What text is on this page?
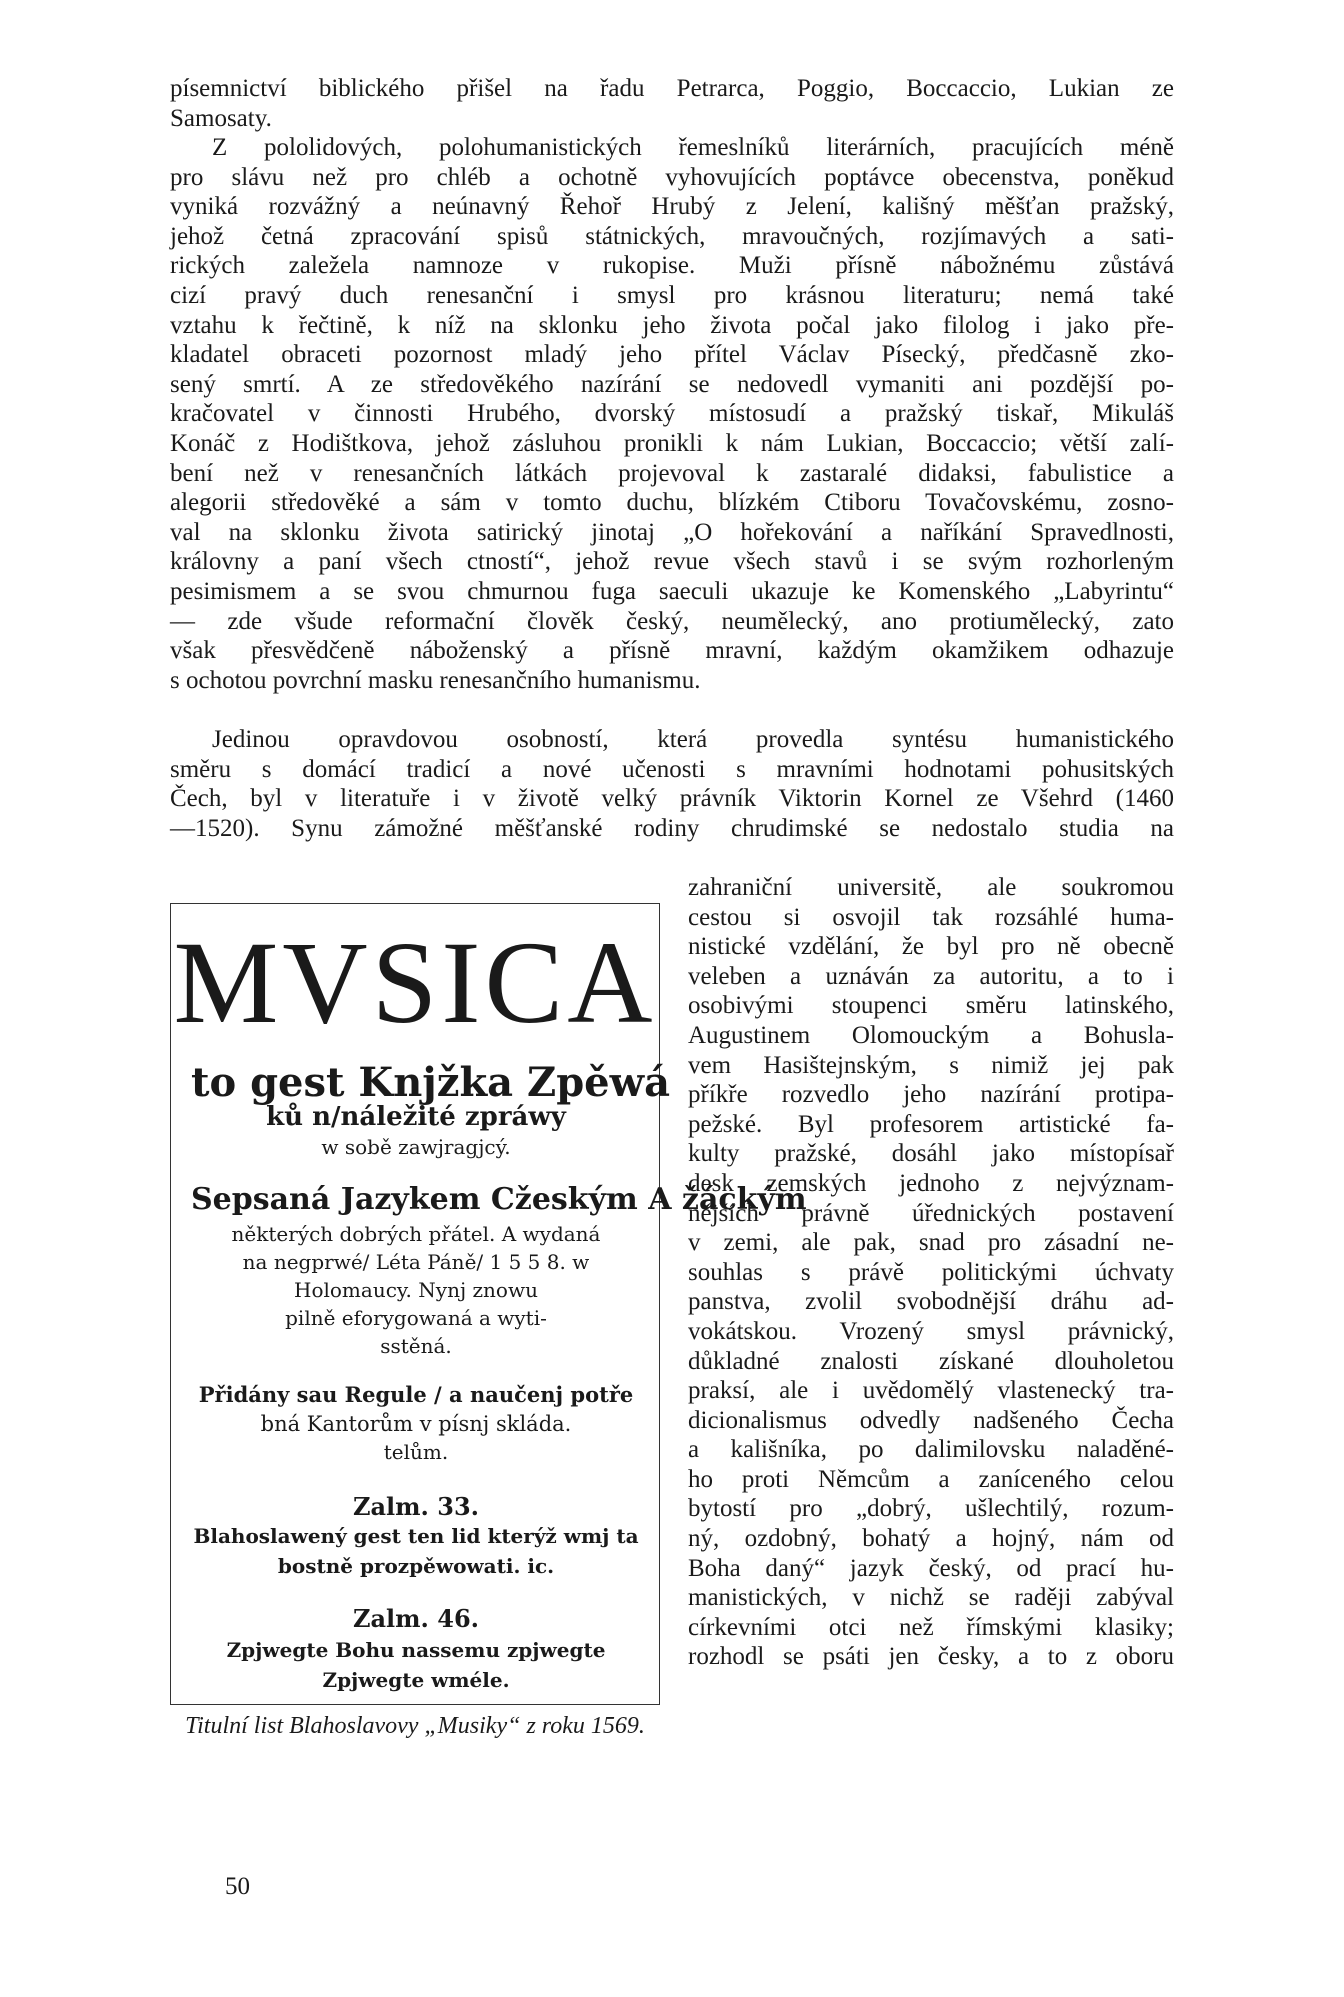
písemnictví biblického přišel na řadu Petrarca, Poggio, Boccaccio, Lukian ze
Samosaty.

Z pololidových, polohumanistických řemeslníků literárních, pracujících méně
pro slávu než pro chléb a ochotně vyhovujících poptávce obecenstva, poněkud
vyniká rozvážný a neúnavný Řehoř Hrubý z Jelení, kališný měšťan pražský,
jehož četná zpracování spisů státnických, mravoučných, rozjímavých a sati-
rických zaležela namnoze v rukopise. Muži přísně nábožnému zůstává
cizí pravý duch renesanční i smysl pro krásnou literaturu; nemá také
vztahu k řečtině, k níž na sklonku jeho života počal jako filolog i jako pře-
kladatel obraceti pozornost mladý jeho přítel Václav Písecký, předčasně zko-
sený smrtí. A ze středověkého nazírání se nedovedl vymaniti ani pozdější po-
kračovatel v činnosti Hrubého, dvorský místosudí a pražský tiskař, Mikuláš
Konáč z Hodištkova, jehož zásluhou pronikli k nám Lukian, Boccaccio; větší zalí-
bení než v renesančních látkách projevoval k zastaralé didaksi, fabulistice a
alegorii středověké a sám v tomto duchu, blízkém Ctiboru Tovačovskému, zosno-
val na sklonku života satirický jinotaj „O hořekování a naříkání Spravedlnosti,
královny a paní všech ctností“, jehož revue všech stavů i se svým rozhorleným
pesimismem a se svou chmurnou fuga saeculi ukazuje ke Komenského „Labyrintu“
— zde všude reformační člověk český, neumělecký, ano protiumělecký, zato
však přesvědčeně náboženský a přísně mravní, každým okamžikem odhazuje
s ochotou povrchní masku renesančního humanismu.

Jedinou opravdovou osobností, která provedla syntésu humanistického
směru s domácí tradicí a nové učenosti s mravními hodnotami pohusitských
Čech, byl v literatuře i v životě velký právník Viktorin Kornel ze Všehrd (1460
—1520). Synu zámožné měšťanské rodiny chrudimské se nedostalo studia na

zahraniční universitě, ale soukromou
cestou si osvojil tak rozsáhlé huma-
nistické vzdělání, že byl pro ně obecně
veleben a uznáván za autoritu, a to i
osobivými stoupenci směru latinského,
Augustinem Olomouckým a Bohusla-
vem Hasištejnským, s nimiž jej pak
příkře rozvedlo jeho nazírání protipa-
pežské. Byl profesorem artistické fa-
kulty pražské, dosáhl jako místopísař
desk zemských jednoho z nejvýznam-
nějších právně úřednických postavení
v zemi, ale pak, snad pro zásadní ne-
souhlas s právě politickými úchvaty
panstva, zvolil svobodnější dráhu ad-
vokátskou. Vrozený smysl právnický,
důkladné znalosti získané dlouholetou
praksí, ale i uvědomělý vlastenecký tra-
dicionalismus odvedly nadšeného Čecha
a kališníka, po dalimilovsku naladěné-
ho proti Němcům a zaníceného celou
bytostí pro „dobrý, ušlechtilý, rozum-
ný, ozdobný, bohatý a hojný, nám od
Boha daný“ jazyk český, od prací hu-
manistických, v nichž se raději zabýval
církevními otci než římskými klasiky;
rozhodl se psáti jen česky, a to z oboru

MVSICA
to gest Knjžka Zpěwá
ků n/náležité zpráwy
w sobě zawjragjcý.
Sepsaná Jazykem Cžeským A žáckým
některých dobrých přátel. A wydaná
na negprwé/ Léta Páně/ 1 5 5 8. w
Holomaucy. Nynj znowu
pilně eforygowaná a wyti-
sstěná.
Přidány sau Regule / a naučenj potře
bná Kantorům v písnj skláda.
telům.
Zalm. 33.
Blahoslawený gest ten lid kterýž wmj ta
bostně prozpěwowati. ic.
Zalm. 46.
Zpjwegte Bohu nassemu zpjwegte
Zpjwegte wméle.
Titulní list Blahoslavovy „Musiky“ z roku 1569.
50
